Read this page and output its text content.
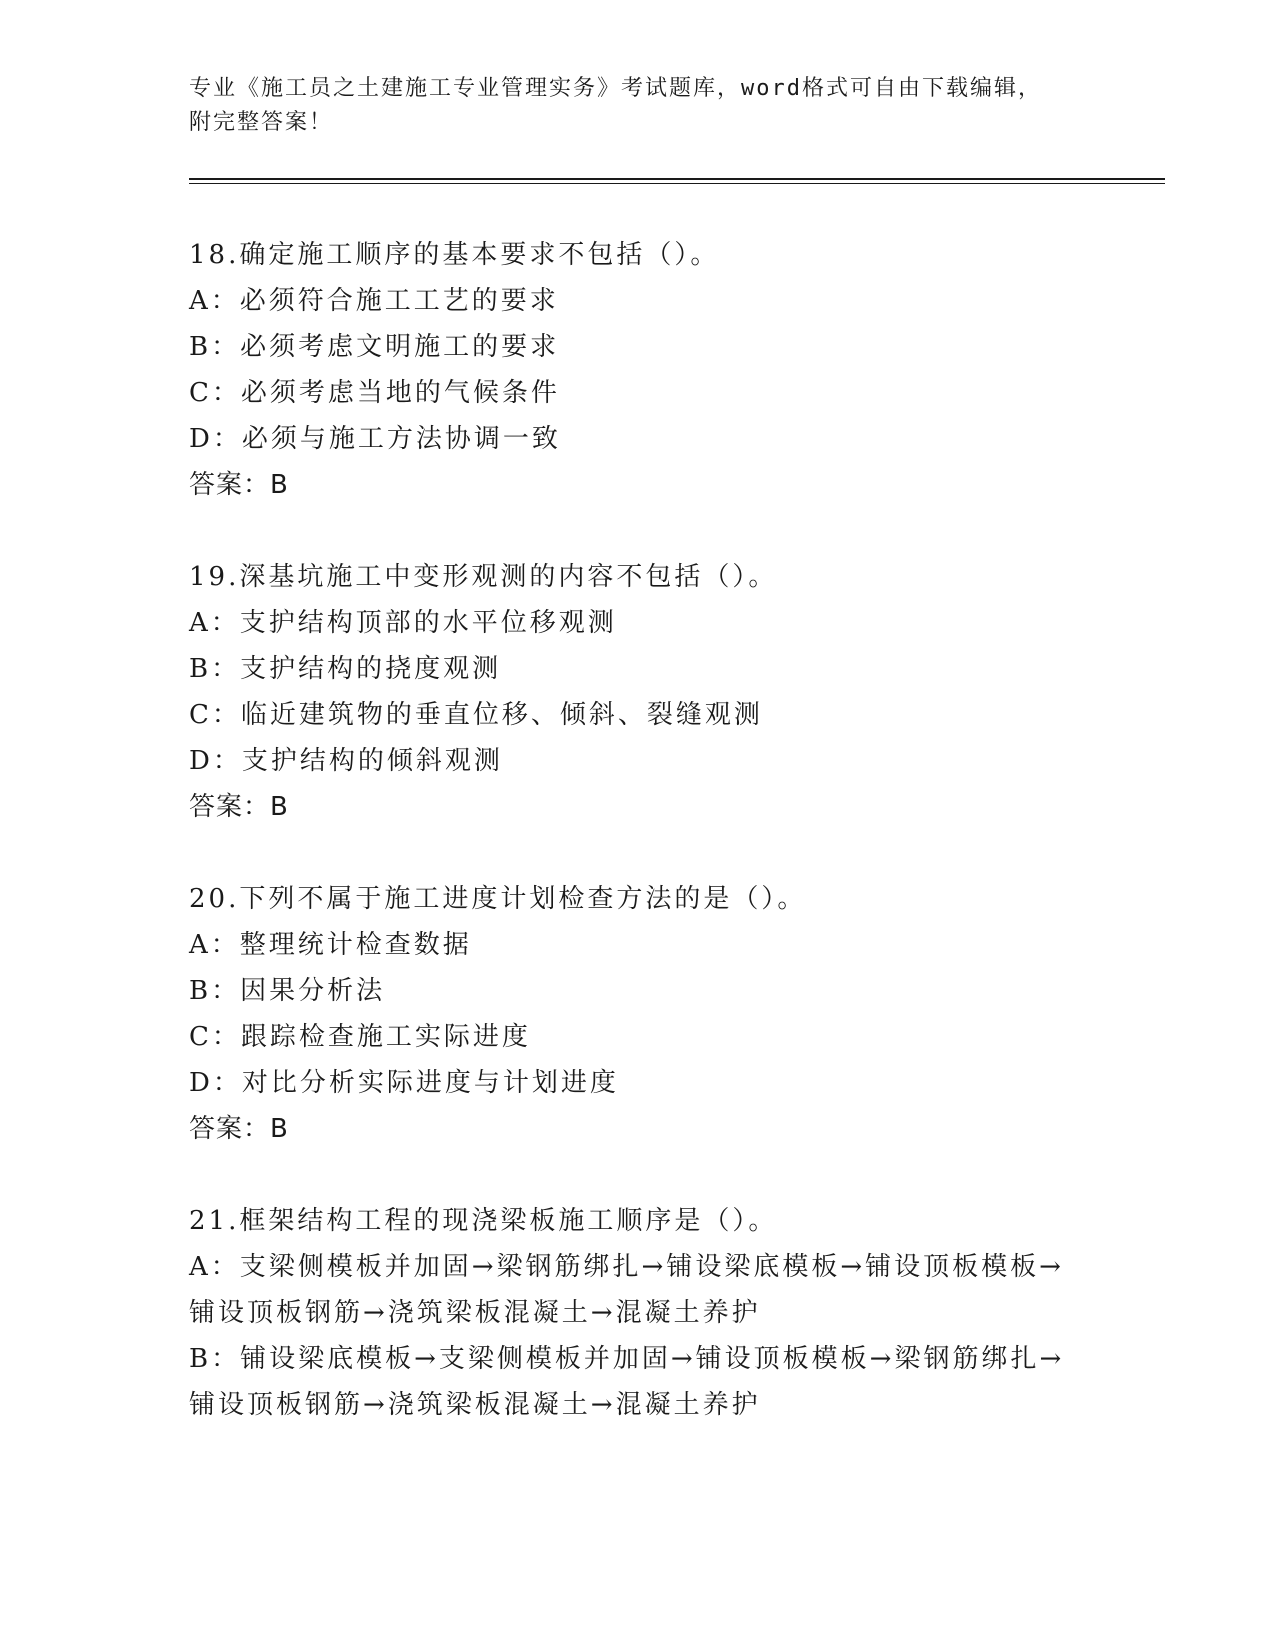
专业《施工员之土建施工专业管理实务》考试题库，word格式可自由下载编辑，
附完整答案！
18.确定施工顺序的基本要求不包括（）。
A：必须符合施工工艺的要求
B：必须考虑文明施工的要求
C：必须考虑当地的气候条件
D：必须与施工方法协调一致
答案：B
19.深基坑施工中变形观测的内容不包括（）。
A：支护结构顶部的水平位移观测
B：支护结构的挠度观测
C：临近建筑物的垂直位移、倾斜、裂缝观测
D：支护结构的倾斜观测
答案：B
20.下列不属于施工进度计划检查方法的是（）。
A：整理统计检查数据
B：因果分析法
C：跟踪检查施工实际进度
D：对比分析实际进度与计划进度
答案：B
21.框架结构工程的现浇梁板施工顺序是（）。
A：支梁侧模板并加固→梁钢筋绑扎→铺设梁底模板→铺设顶板模板→
铺设顶板钢筋→浇筑梁板混凝土→混凝土养护
B：铺设梁底模板→支梁侧模板并加固→铺设顶板模板→梁钢筋绑扎→
铺设顶板钢筋→浇筑梁板混凝土→混凝土养护
